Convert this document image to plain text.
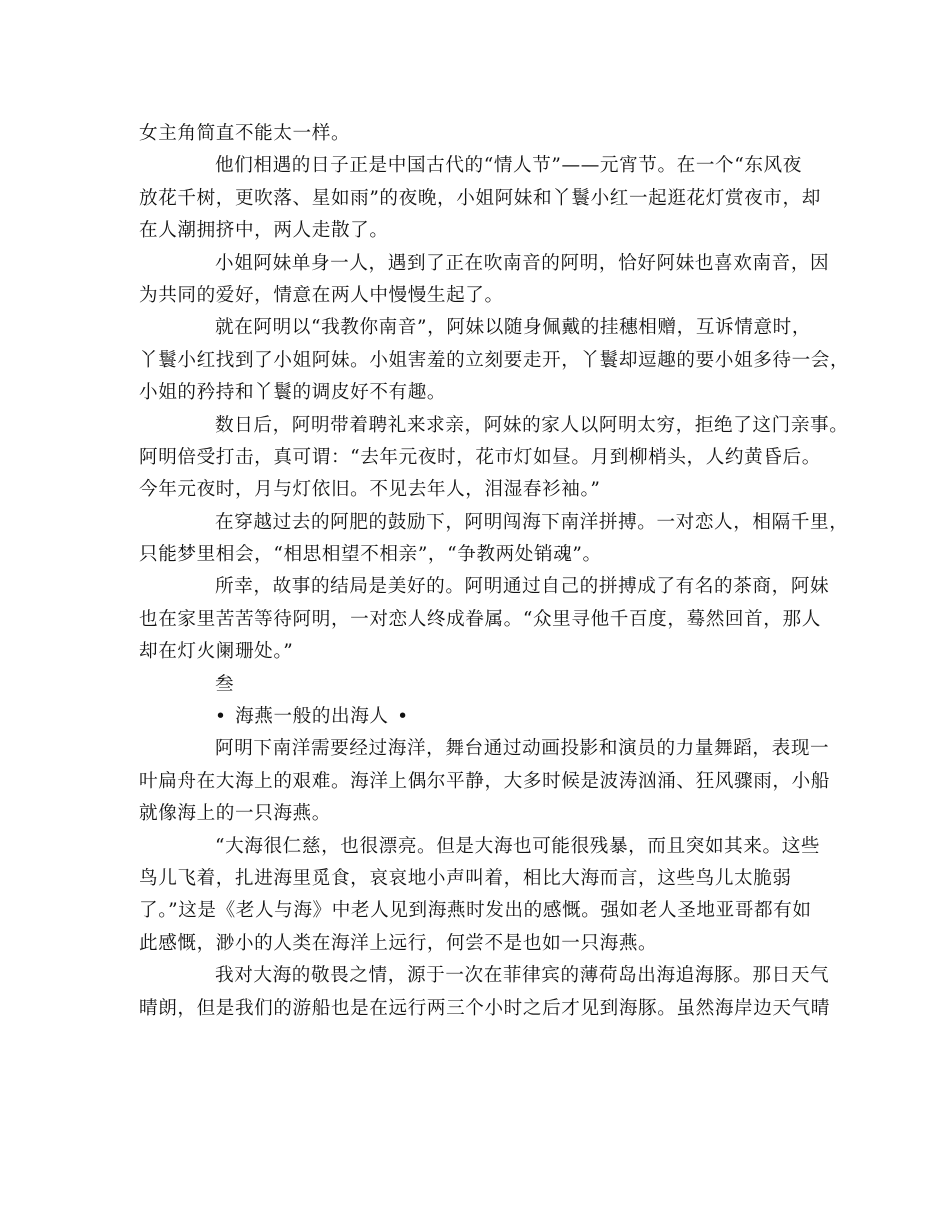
女主角简直不能太一样。
他们相遇的日子正是中国古代的“情人节”——元宵节。在一个“东风夜
放花千树，更吹落、星如雨”的夜晚，小姐阿妹和丫鬟小红一起逛花灯赏夜市，却
在人潮拥挤中，两人走散了。
小姐阿妹单身一人，遇到了正在吹南音的阿明，恰好阿妹也喜欢南音，因
为共同的爱好，情意在两人中慢慢生起了。
就在阿明以“我教你南音”，阿妹以随身佩戴的挂穗相赠，互诉情意时，
丫鬟小红找到了小姐阿妹。小姐害羞的立刻要走开，丫鬟却逗趣的要小姐多待一会，
小姐的矜持和丫鬟的调皮好不有趣。
数日后，阿明带着聘礼来求亲，阿妹的家人以阿明太穷，拒绝了这门亲事。
阿明倍受打击，真可谓：“去年元夜时，花市灯如昼。月到柳梢头，人约黄昏后。
今年元夜时，月与灯依旧。不见去年人，泪湿春衫袖。”
在穿越过去的阿肥的鼓励下，阿明闯海下南洋拼搏。一对恋人，相隔千里，
只能梦里相会，“相思相望不相亲”，“争教两处销魂”。
所幸，故事的结局是美好的。阿明通过自己的拼搏成了有名的茶商，阿妹
也在家里苦苦等待阿明，一对恋人终成眷属。“众里寻他千百度，蓦然回首，那人
却在灯火阑珊处。”
叁
• 海燕一般的出海人 •
阿明下南洋需要经过海洋，舞台通过动画投影和演员的力量舞蹈，表现一
叶扁舟在大海上的艰难。海洋上偶尔平静，大多时候是波涛汹涌、狂风骤雨，小船
就像海上的一只海燕。
“大海很仁慈，也很漂亮。但是大海也可能很残暴，而且突如其来。这些
鸟儿飞着，扎进海里觅食，哀哀地小声叫着，相比大海而言，这些鸟儿太脆弱
了。”这是《老人与海》中老人见到海燕时发出的感慨。强如老人圣地亚哥都有如
此感慨，渺小的人类在海洋上远行，何尝不是也如一只海燕。
我对大海的敬畏之情，源于一次在菲律宾的薄荷岛出海追海豚。那日天气
晴朗，但是我们的游船也是在远行两三个小时之后才见到海豚。虽然海岸边天气晴
